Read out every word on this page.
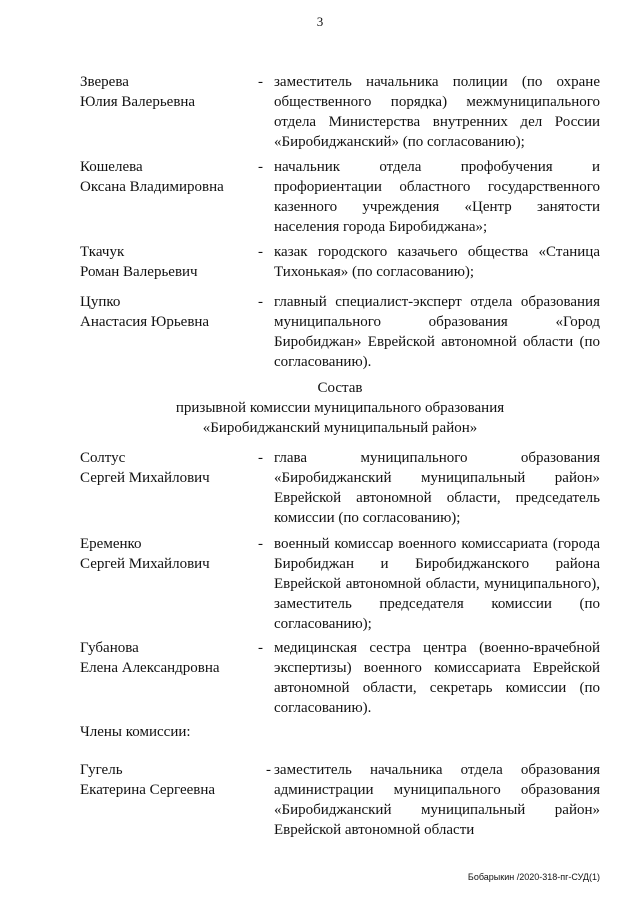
3
Зверева
Юлия Валерьевна
- заместитель начальника полиции (по охране общественного порядка) межмуниципального отдела Министерства внутренних дел России «Биробиджанский» (по согласованию);
Кошелева
Оксана Владимировна
- начальник отдела профобучения и профориентации областного государственного казенного учреждения «Центр занятости населения города Биробиджана»;
Ткачук
Роман Валерьевич
- казак городского казачьего общества «Станица Тихонькая» (по согласованию);
Цупко
Анастасия Юрьевна
- главный специалист-эксперт отдела образования муниципального образования «Город Биробиджан» Еврейской автономной области (по согласованию).
Состав
призывной комиссии муниципального образования
«Биробиджанский муниципальный район»
Солтус
Сергей Михайлович
- глава муниципального образования «Биробиджанский муниципальный район» Еврейской автономной области, председатель комиссии (по согласованию);
Еременко
Сергей Михайлович
- военный комиссар военного комиссариата (города Биробиджан и Биробиджанского района Еврейской автономной области, муниципального), заместитель председателя комиссии (по согласованию);
Губанова
Елена Александровна
- медицинская сестра центра (военно-врачебной экспертизы) военного комиссариата Еврейской автономной области, секретарь комиссии (по согласованию).
Члены комиссии:
Гугель
Екатерина Сергеевна
- заместитель начальника отдела образования администрации муниципального образования «Биробиджанский муниципальный район» Еврейской автономной области
Бобарыкин /2020-318-пг-СУД(1)
